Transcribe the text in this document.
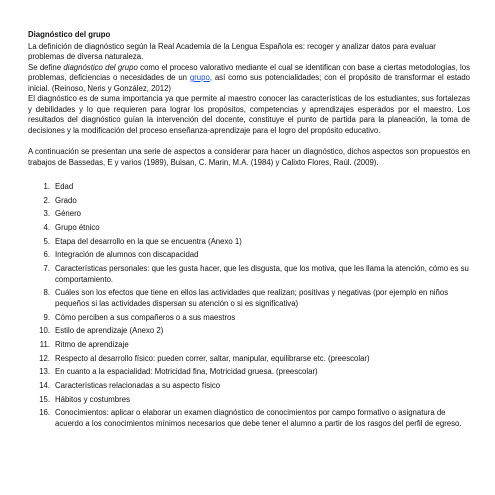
Diagnóstico del grupo

La definición de diagnóstico según la Real Academia de la Lengua Española es: recoger y analizar datos para evaluar problemas de diversa naturaleza.

Se define diagnóstico del grupo como el proceso valorativo mediante el cual se identifican con base a ciertas metodologías, los problemas, deficiencias o necesidades de un grupo, así como sus potencialidades; con el propósito de transformar el estado inicial. (Reinoso, Neris y González, 2012)

El diagnóstico es de suma importancia ya que permite al maestro conocer las características de los estudiantes, sus fortalezas y debilidades y lo que requieren para lograr los propósitos, competencias y aprendizajes esperados por el maestro. Los resultados del diagnóstico guían la intervención del docente, constituye el punto de partida para la planeación, la toma de decisiones y la modificación del proceso enseñanza-aprendizaje para el logro del propósito educativo.

A continuación se presentan una serie de aspectos a considerar para hacer un diagnóstico, dichos aspectos son propuestos en trabajos de Bassedas, E y varios (1989), Buisan, C. Marin, M.A. (1984) y Calixto Flores, Raúl. (2009).

1. Edad
2. Grado
3. Género
4. Grupo étnico
5. Etapa del desarrollo en la que se encuentra (Anexo 1)
6. Integración de alumnos con discapacidad
7. Características personales: que les gusta hacer, que les disgusta, que los motiva, que les llama la atención, cómo es su comportamiento.
8. Cuáles son los efectos que tiene en ellos las actividades que realizan; positivas y negativas (por ejemplo en niños pequeños si las actividades dispersan su atención o si es significativa)
9. Cómo perciben a sus compañeros o a sus maestros
10. Estilo de aprendizaje (Anexo 2)
11. Ritmo de aprendizaje
12. Respecto al desarrollo físico: pueden correr, saltar, manipular, equilibrarse etc. (preescolar)
13. En cuanto a la espacialidad: Motricidad fina, Motricidad gruesa. (preescolar)
14. Características relacionadas a su aspecto físico
15. Hábitos y costumbres
16. Conocimientos: aplicar o elaborar un examen diagnóstico de conocimientos por campo formativo o asignatura de acuerdo a los conocimientos mínimos necesarios que debe tener el alumno a partir de los rasgos del perfil de egreso.
